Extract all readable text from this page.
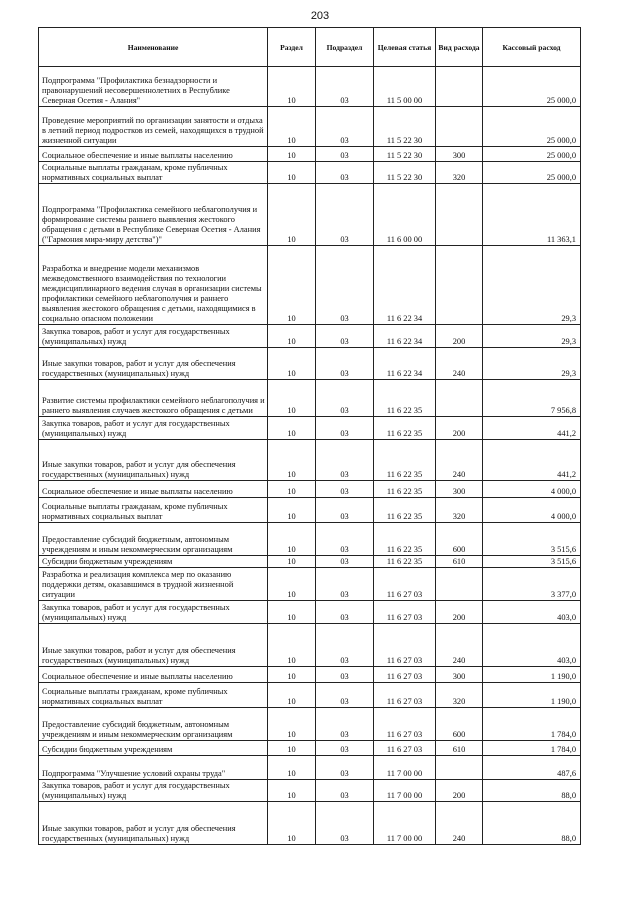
203
Наименование	Раздел	Подраздел	Целевая статья	Вид расхода	Кассовый расход
Подпрограмма "Профилактика безнадзорности и правонарушений несовершеннолетних в Республике Северная Осетия - Алания"	10	03	11 5 00 00		25 000,0
Проведение мероприятий по организации занятости и отдыха в летний период подростков из семей, находящихся в трудной жизненной ситуации	10	03	11 5 22 30		25 000,0
Социальное обеспечение и иные выплаты населению	10	03	11 5 22 30	300	25 000,0
Социальные выплаты гражданам, кроме публичных нормативных социальных выплат	10	03	11 5 22 30	320	25 000,0
Подпрограмма "Профилактика семейного неблагополучия и формирование системы раннего выявления жестокого обращения с детьми в Республике Северная Осетия - Алания ("Гармония мира-миру детства")"	10	03	11 6 00 00		11 363,1
Разработка и внедрение модели механизмов межведомственного взаимодействия по технологии междисциплинарного ведения случая в организации системы профилактики семейного неблагополучия и раннего выявления жестокого обращения с детьми, находящимися в социально опасном положении	10	03	11 6 22 34		29,3
Закупка товаров, работ и услуг для государственных (муниципальных) нужд	10	03	11 6 22 34	200	29,3
Иные закупки товаров, работ и услуг для обеспечения государственных (муниципальных) нужд	10	03	11 6 22 34	240	29,3
Развитие системы профилактики семейного неблагополучия и раннего выявления случаев жестокого обращения с детьми	10	03	11 6 22 35		7 956,8
Закупка товаров, работ и услуг для государственных (муниципальных) нужд	10	03	11 6 22 35	200	441,2
Иные закупки товаров, работ и услуг для обеспечения государственных (муниципальных) нужд	10	03	11 6 22 35	240	441,2
Социальное обеспечение и иные выплаты населению	10	03	11 6 22 35	300	4 000,0
Социальные выплаты гражданам, кроме публичных нормативных социальных выплат	10	03	11 6 22 35	320	4 000,0
Предоставление субсидий бюджетным, автономным учреждениям и иным некоммерческим организациям	10	03	11 6 22 35	600	3 515,6
Субсидии бюджетным учреждениям	10	03	11 6 22 35	610	3 515,6
Разработка и реализация комплекса мер по оказанию поддержки детям, оказавшимся в трудной жизненной ситуации	10	03	11 6 27 03		3 377,0
Закупка товаров, работ и услуг для государственных (муниципальных) нужд	10	03	11 6 27 03	200	403,0
Иные закупки товаров, работ и услуг для обеспечения государственных (муниципальных) нужд	10	03	11 6 27 03	240	403,0
Социальное обеспечение и иные выплаты населению	10	03	11 6 27 03	300	1 190,0
Социальные выплаты гражданам, кроме публичных нормативных социальных выплат	10	03	11 6 27 03	320	1 190,0
Предоставление субсидий бюджетным, автономным учреждениям и иным некоммерческим организациям	10	03	11 6 27 03	600	1 784,0
Субсидии бюджетным учреждениям	10	03	11 6 27 03	610	1 784,0
Подпрограмма "Улучшение условий охраны труда"	10	03	11 7 00 00		487,6
Закупка товаров, работ и услуг для государственных (муниципальных) нужд	10	03	11 7 00 00	200	88,0
Иные закупки товаров, работ и услуг для обеспечения государственных (муниципальных) нужд	10	03	11 7 00 00	240	88,0
